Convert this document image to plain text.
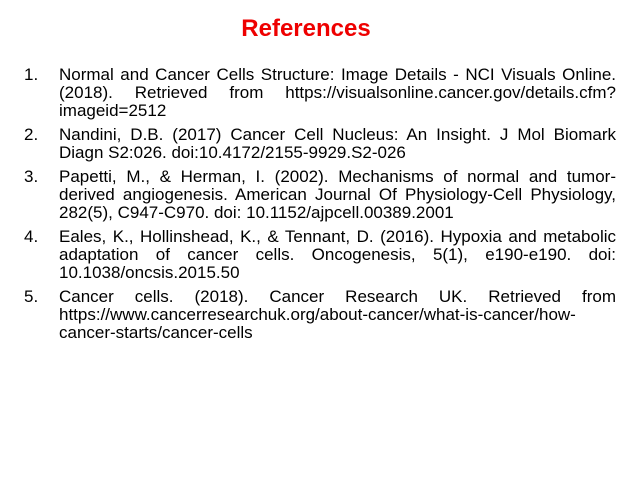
References
1. Normal and Cancer Cells Structure: Image Details - NCI Visuals Online. (2018). Retrieved from https://visualsonline.cancer.gov/details.cfm?imageid=2512
2. Nandini, D.B. (2017) Cancer Cell Nucleus: An Insight. J Mol Biomark Diagn S2:026. doi:10.4172/2155-9929.S2-026
3. Papetti, M., & Herman, I. (2002). Mechanisms of normal and tumor-derived angiogenesis. American Journal Of Physiology-Cell Physiology, 282(5), C947-C970. doi: 10.1152/ajpcell.00389.2001
4. Eales, K., Hollinshead, K., & Tennant, D. (2016). Hypoxia and metabolic adaptation of cancer cells. Oncogenesis, 5(1), e190-e190. doi: 10.1038/oncsis.2015.50
5. Cancer cells. (2018). Cancer Research UK. Retrieved from https://www.cancerresearchuk.org/about-cancer/what-is-cancer/how-cancer-starts/cancer-cells
